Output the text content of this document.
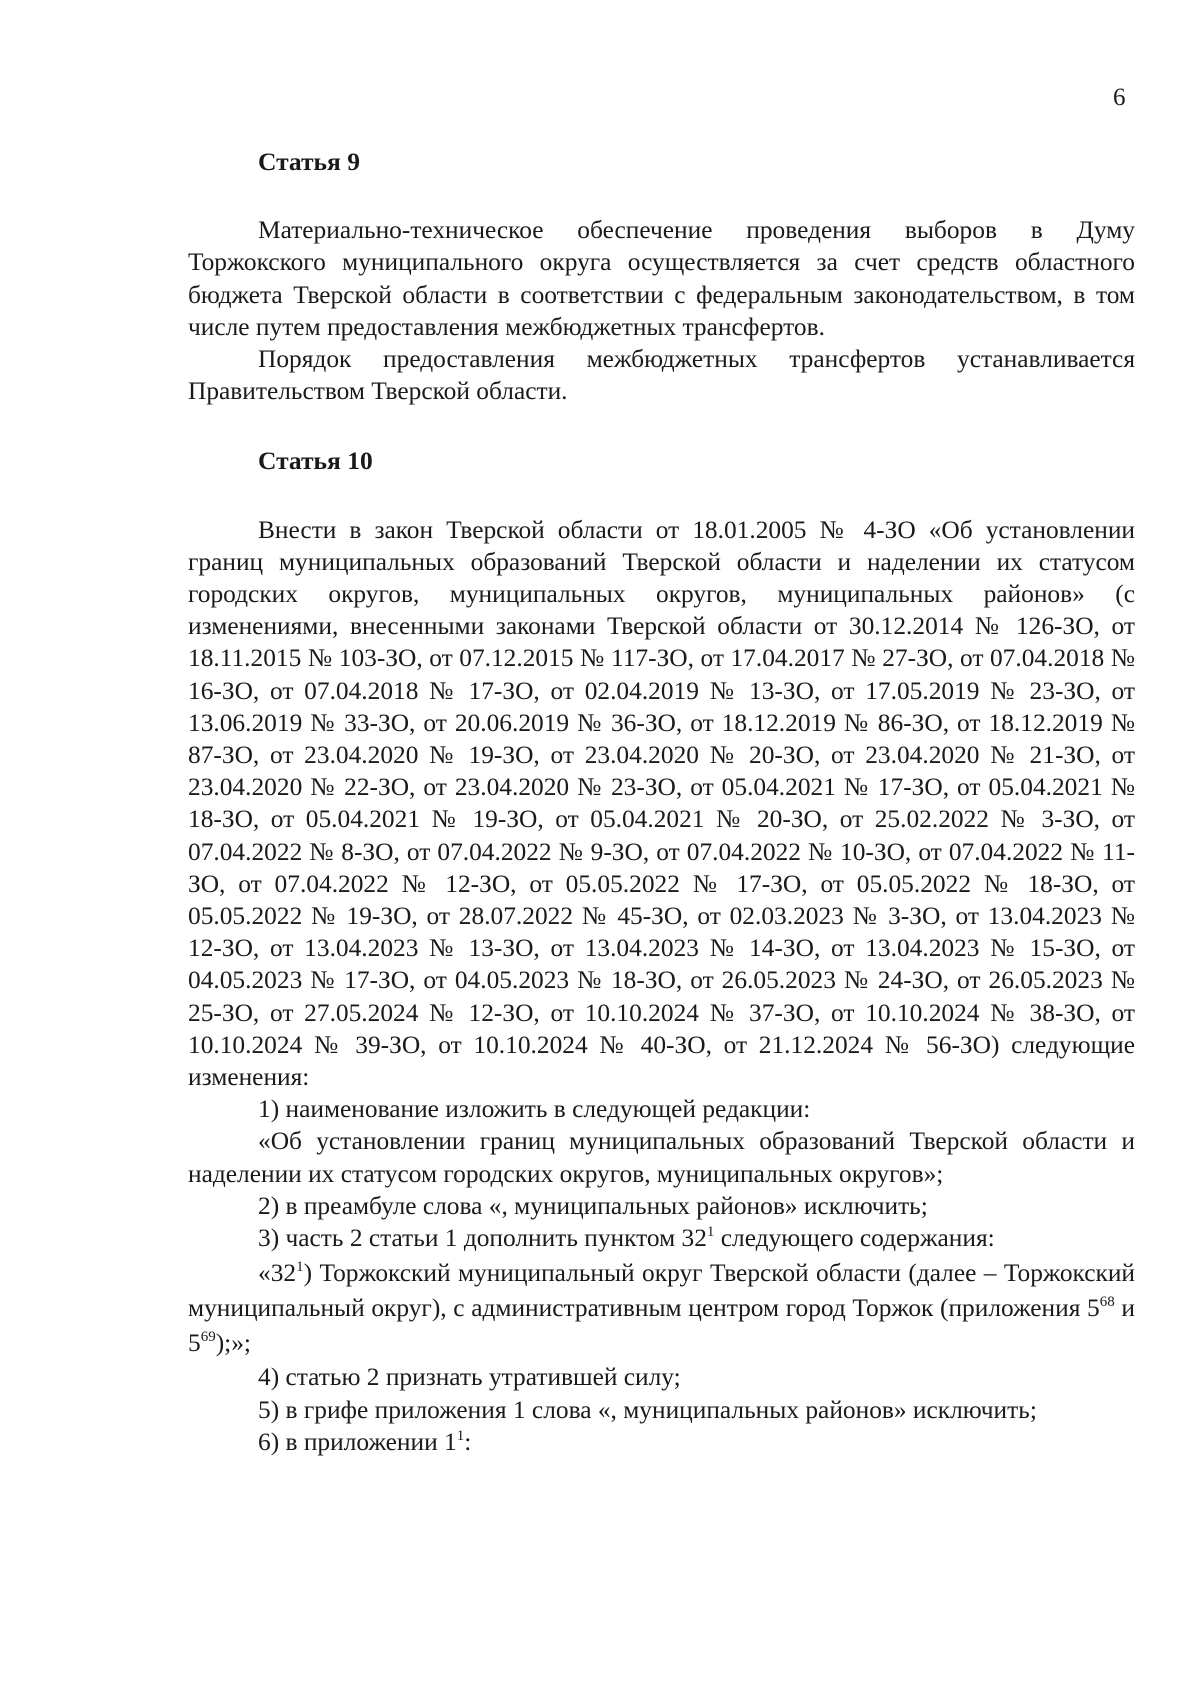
6
Статья 9

Материально-техническое обеспечение проведения выборов в Думу Торжокского муниципального округа осуществляется за счет средств областного бюджета Тверской области в соответствии с федеральным законодательством, в том числе путем предоставления межбюджетных трансфертов.

Порядок предоставления межбюджетных трансфертов устанавливается Правительством Тверской области.

Статья 10

Внести в закон Тверской области от 18.01.2005 № 4-ЗО «Об установлении границ муниципальных образований Тверской области и наделении их статусом городских округов, муниципальных округов, муниципальных районов» (с изменениями, внесенными законами Тверской области от 30.12.2014 № 126-ЗО, от 18.11.2015 № 103-ЗО, от 07.12.2015 № 117-ЗО, от 17.04.2017 № 27-ЗО, от 07.04.2018 № 16-ЗО, от 07.04.2018 № 17-ЗО, от 02.04.2019 № 13-ЗО, от 17.05.2019 № 23-ЗО, от 13.06.2019 № 33-ЗО, от 20.06.2019 № 36-ЗО, от 18.12.2019 № 86-ЗО, от 18.12.2019 № 87-ЗО, от 23.04.2020 № 19-ЗО, от 23.04.2020 № 20-ЗО, от 23.04.2020 № 21-ЗО, от 23.04.2020 № 22-ЗО, от 23.04.2020 № 23-ЗО, от 05.04.2021 № 17-ЗО, от 05.04.2021 № 18-ЗО, от 05.04.2021 № 19-ЗО, от 05.04.2021 № 20-ЗО, от 25.02.2022 № 3-ЗО, от 07.04.2022 № 8-ЗО, от 07.04.2022 № 9-ЗО, от 07.04.2022 № 10-ЗО, от 07.04.2022 № 11-ЗО, от 07.04.2022 № 12-ЗО, от 05.05.2022 № 17-ЗО, от 05.05.2022 № 18-ЗО, от 05.05.2022 № 19-ЗО, от 28.07.2022 № 45-ЗО, от 02.03.2023 № 3-ЗО, от 13.04.2023 № 12-ЗО, от 13.04.2023 № 13-ЗО, от 13.04.2023 № 14-ЗО, от 13.04.2023 № 15-ЗО, от 04.05.2023 № 17-ЗО, от 04.05.2023 № 18-ЗО, от 26.05.2023 № 24-ЗО, от 26.05.2023 № 25-ЗО, от 27.05.2024 № 12-ЗО, от 10.10.2024 № 37-ЗО, от 10.10.2024 № 38-ЗО, от 10.10.2024 № 39-ЗО, от 10.10.2024 № 40-ЗО, от 21.12.2024 № 56-ЗО) следующие изменения:

1) наименование изложить в следующей редакции:

«Об установлении границ муниципальных образований Тверской области и наделении их статусом городских округов, муниципальных округов»;

2) в преамбуле слова «, муниципальных районов» исключить;

3) часть 2 статьи 1 дополнить пунктом $32^1$ следующего содержания:

«$32^1$) Торжокский муниципальный округ Тверской области (далее – Торжокский муниципальный округ), с административным центром город Торжок (приложения $5^{68}$ и $5^{69}$);»;

4) статью 2 признать утратившей силу;

5) в грифе приложения 1 слова «, муниципальных районов» исключить;

6) в приложении $1^1$:
